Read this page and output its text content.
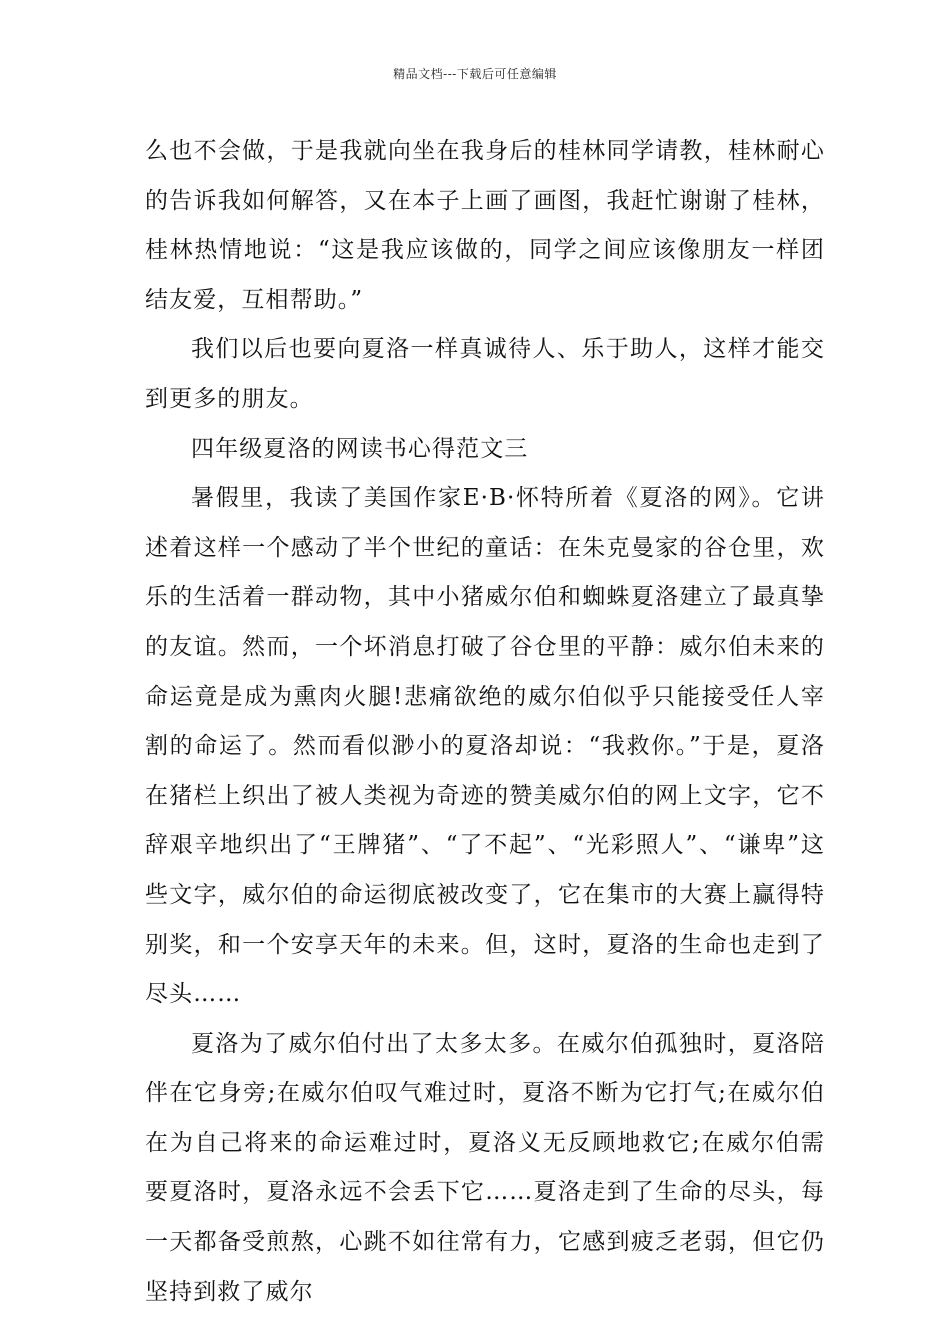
精品文档---下载后可任意编辑

么也不会做，于是我就向坐在我身后的桂林同学请教，桂林耐心的告诉我如何解答，又在本子上画了画图，我赶忙谢谢了桂林，桂林热情地说：“这是我应该做的，同学之间应该像朋友一样团结友爱，互相帮助。”

我们以后也要向夏洛一样真诚待人、乐于助人，这样才能交到更多的朋友。

四年级夏洛的网读书心得范文三

暑假里，我读了美国作家E·B·怀特所着《夏洛的网》。它讲述着这样一个感动了半个世纪的童话：在朱克曼家的谷仓里，欢乐的生活着一群动物，其中小猪威尔伯和蜘蛛夏洛建立了最真挚的友谊。然而，一个坏消息打破了谷仓里的平静：威尔伯未来的命运竟是成为熏肉火腿!悲痛欲绝的威尔伯似乎只能接受任人宰割的命运了。然而看似渺小的夏洛却说：“我救你。”于是，夏洛在猪栏上织出了被人类视为奇迹的赞美威尔伯的网上文字，它不辞艰辛地织出了“王牌猪”、“了不起”、“光彩照人”、“谦卑”这些文字，威尔伯的命运彻底被改变了，它在集市的大赛上赢得特别奖，和一个安享天年的未来。但，这时，夏洛的生命也走到了尽头……

夏洛为了威尔伯付出了太多太多。在威尔伯孤独时，夏洛陪伴在它身旁;在威尔伯叹气难过时，夏洛不断为它打气;在威尔伯在为自己将来的命运难过时，夏洛义无反顾地救它;在威尔伯需要夏洛时，夏洛永远不会丢下它……夏洛走到了生命的尽头，每一天都备受煎熬，心跳不如往常有力，它感到疲乏老弱，但它仍坚持到救了威尔
